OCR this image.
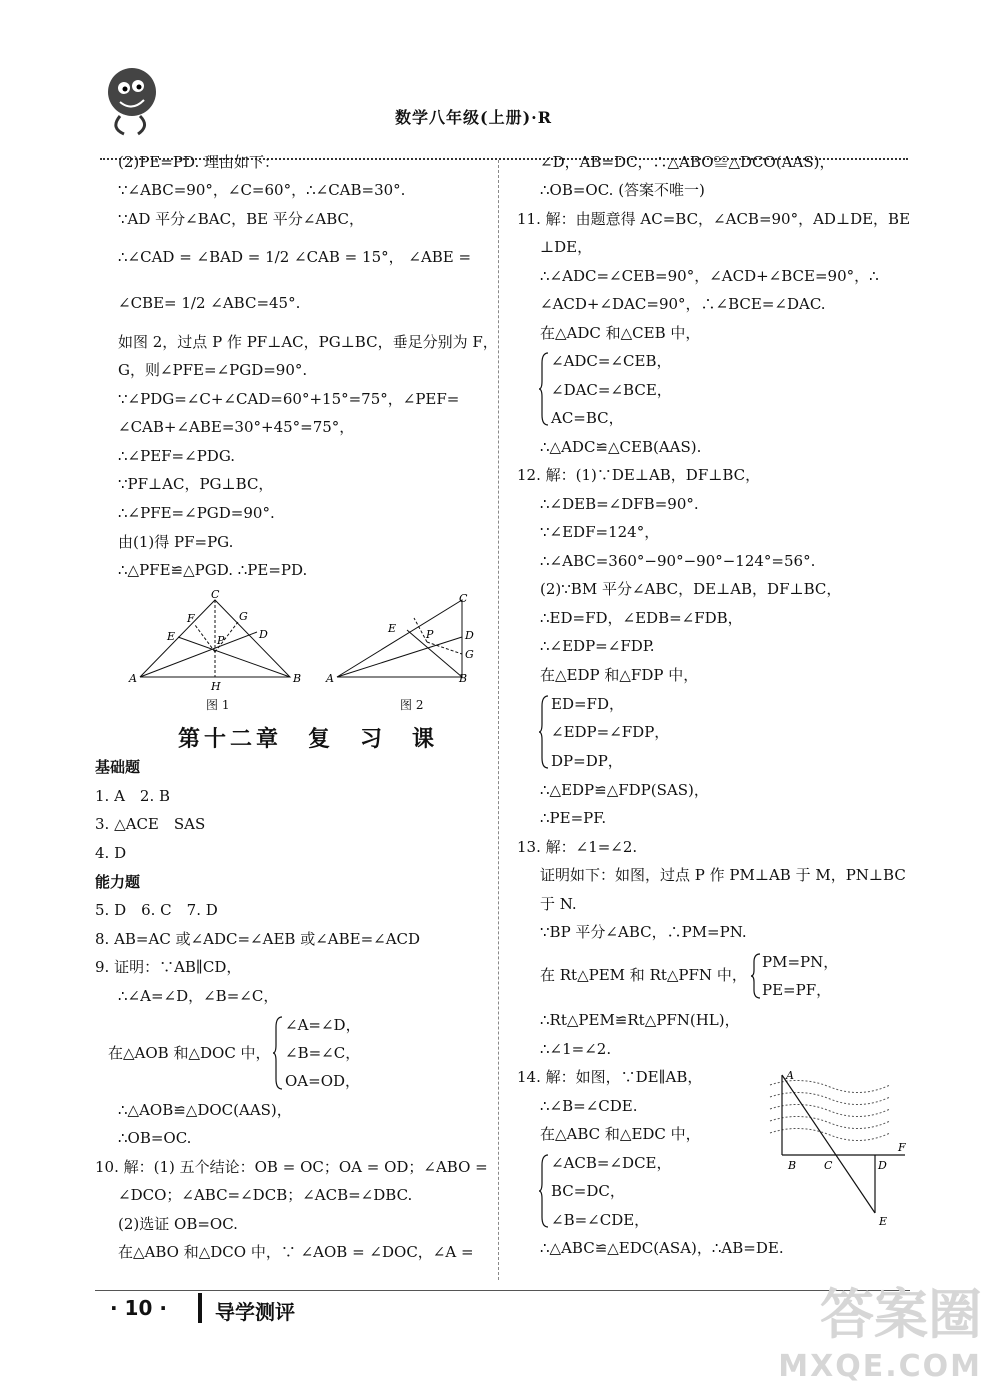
数学八年级(上册)·R
(2)PE=PD. 理由如下：
∵∠ABC=90°，∠C=60°，∴∠CAB=30°.
∵AD 平分∠BAC，BE 平分∠ABC，
∴∠CAD = ∠BAD = 1/2 ∠CAB = 15°， ∠ABE =
∠CBE= 1/2 ∠ABC=45°.
如图 2，过点 P 作 PF⊥AC，PG⊥BC，垂足分别为 F，
G，则∠PFE=∠PGD=90°.
∵∠PDG=∠C+∠CAD=60°+15°=75°，∠PEF=
∠CAB+∠ABE=30°+45°=75°，
∴∠PEF=∠PDG.
∵PF⊥AC，PG⊥BC，
∴∠PFE=∠PGD=90°.
由(1)得 PF=PG.
∴△PFE≌△PGD. ∴PE=PD.
C
F	G
E	P	D
A
H
B
图 1
C
E	P	D
G
A	B
图 2
第十二章　复　习　课
基础题
1. A　2. B
3. △ACE　SAS
4. D
能力题
5. D　6. C　7. D
8. AB=AC 或∠ADC=∠AEB 或∠ABE=∠ACD
9. 证明：∵AB∥CD，
∴∠A=∠D，∠B=∠C，
在△AOB 和△DOC 中，
∠A=∠D，
∠B=∠C，
OA=OD，
∴△AOB≌△DOC(AAS)，
∴OB=OC.
10. 解：(1) 五个结论：OB = OC；OA = OD；∠ABO =
∠DCO；∠ABC=∠DCB；∠ACB=∠DBC.
(2)选证 OB=OC.
在△ABO 和△DCO 中，∵ ∠AOB = ∠DOC，∠A =
∠D，AB=DC，∴△ABO≌△DCO(AAS)，
∴OB=OC. (答案不唯一)
11. 解：由题意得 AC=BC，∠ACB=90°，AD⊥DE，BE
⊥DE，
∴∠ADC=∠CEB=90°，∠ACD+∠BCE=90°，∴
∠ACD+∠DAC=90°，∴∠BCE=∠DAC.
在△ADC 和△CEB 中，
∠ADC=∠CEB，
∠DAC=∠BCE，
AC=BC，
∴△ADC≌△CEB(AAS).
12. 解：(1)∵DE⊥AB，DF⊥BC，
∴∠DEB=∠DFB=90°.
∵∠EDF=124°，
∴∠ABC=360°−90°−90°−124°=56°.
(2)∵BM 平分∠ABC，DE⊥AB，DF⊥BC，
∴ED=FD，∠EDB=∠FDB，
∴∠EDP=∠FDP.
在△EDP 和△FDP 中，
ED=FD，
∠EDP=∠FDP，
DP=DP，
∴△EDP≌△FDP(SAS)，
∴PE=PF.
13. 解：∠1=∠2.
证明如下：如图，过点 P 作 PM⊥AB 于 M，PN⊥BC
于 N.
∵BP 平分∠ABC，∴PM=PN.
在 Rt△PEM 和 Rt△PFN 中，
PM=PN，
PE=PF，
∴Rt△PEM≌Rt△PFN(HL)，
∴∠1=∠2.
14. 解：如图，∵DE∥AB，
∴∠B=∠CDE.
在△ABC 和△EDC 中，
∠ACB=∠DCE，
BC=DC，
∠B=∠CDE，
∴△ABC≌△EDC(ASA)，∴AB=DE.
A
F
B	C	D
E
· 10 · 导学测评	答案圈
MXQE.COM
